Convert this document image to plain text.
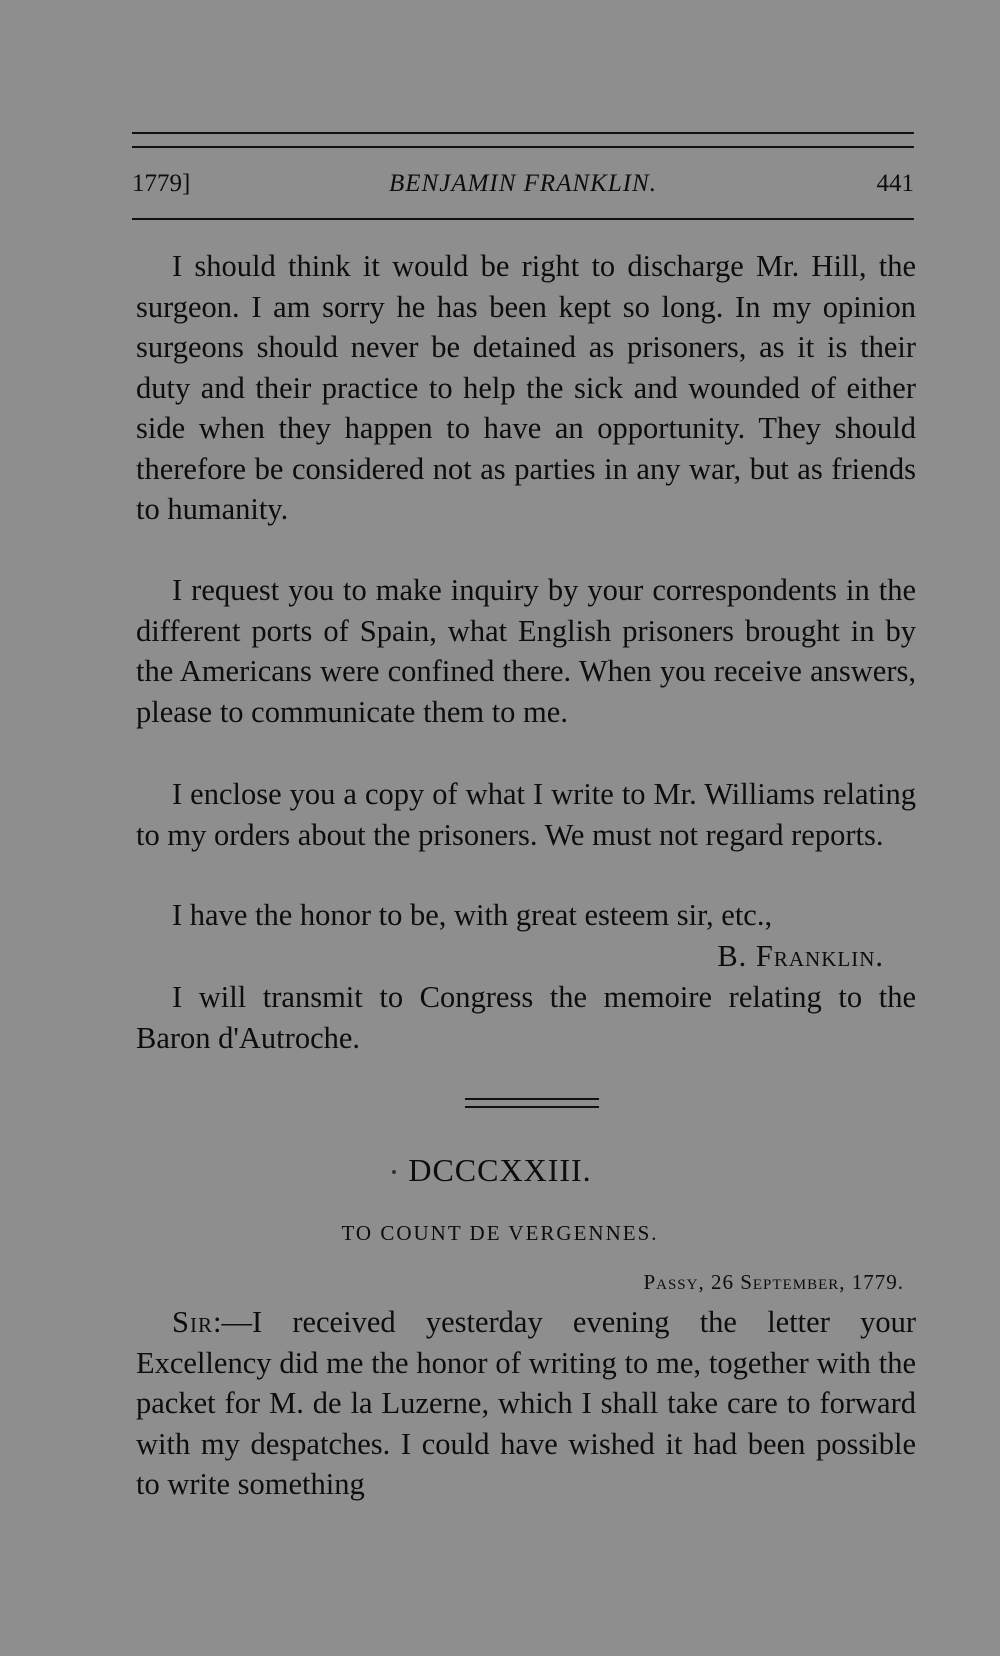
1779]	BENJAMIN FRANKLIN.	441

I should think it would be right to discharge Mr. Hill, the surgeon. I am sorry he has been kept so long. In my opinion surgeons should never be detained as prisoners, as it is their duty and their practice to help the sick and wounded of either side when they happen to have an opportunity. They should therefore be considered not as parties in any war, but as friends to humanity.

I request you to make inquiry by your correspondents in the different ports of Spain, what English prisoners brought in by the Americans were confined there. When you receive answers, please to communicate them to me.

I enclose you a copy of what I write to Mr. Williams relating to my orders about the prisoners. We must not regard reports.

I have the honor to be, with great esteem sir, etc.,

B. Franklin.

I will transmit to Congress the memoire relating to the Baron d'Autroche.

DCCCXXIII.
TO COUNT DE VERGENNES.
Passy, 26 September, 1779.

Sir:—I received yesterday evening the letter your Excellency did me the honor of writing to me, together with the packet for M. de la Luzerne, which I shall take care to forward with my despatches. I could have wished it had been possible to write something
